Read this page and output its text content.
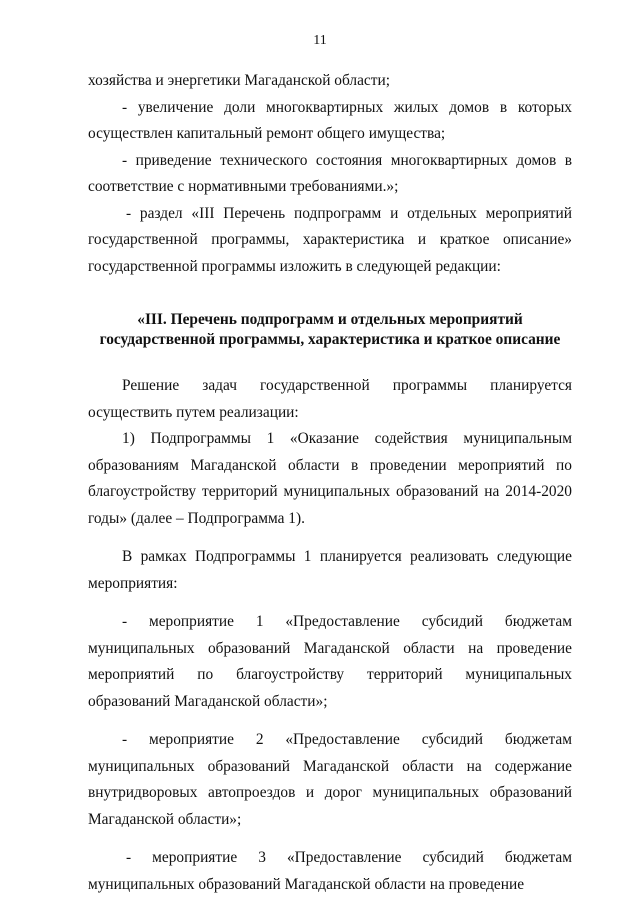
11

хозяйства и энергетики Магаданской области;

- увеличение доли многоквартирных жилых домов в которых осуществлен капитальный ремонт общего имущества;

- приведение технического состояния многоквартирных домов в соответствие с нормативными требованиями.»;

- раздел «III Перечень подпрограмм и отдельных мероприятий государственной программы, характеристика и краткое описание» государственной программы изложить в следующей редакции:

«III. Перечень подпрограмм и отдельных мероприятий
государственной программы, характеристика и краткое описание

Решение задач государственной программы планируется осуществить путем реализации:

1) Подпрограммы 1 «Оказание содействия муниципальным образованиям Магаданской области в проведении мероприятий по благоустройству территорий муниципальных образований на 2014-2020 годы» (далее – Подпрограмма 1).

В рамках Подпрограммы 1 планируется реализовать следующие мероприятия:

- мероприятие 1 «Предоставление субсидий бюджетам муниципальных образований Магаданской области на проведение мероприятий по благоустройству территорий муниципальных образований Магаданской области»;

- мероприятие 2 «Предоставление субсидий бюджетам муниципальных образований Магаданской области на содержание внутридворовых автопроездов и дорог муниципальных образований Магаданской области»;

- мероприятие 3 «Предоставление субсидий бюджетам муниципальных образований Магаданской области на проведение
